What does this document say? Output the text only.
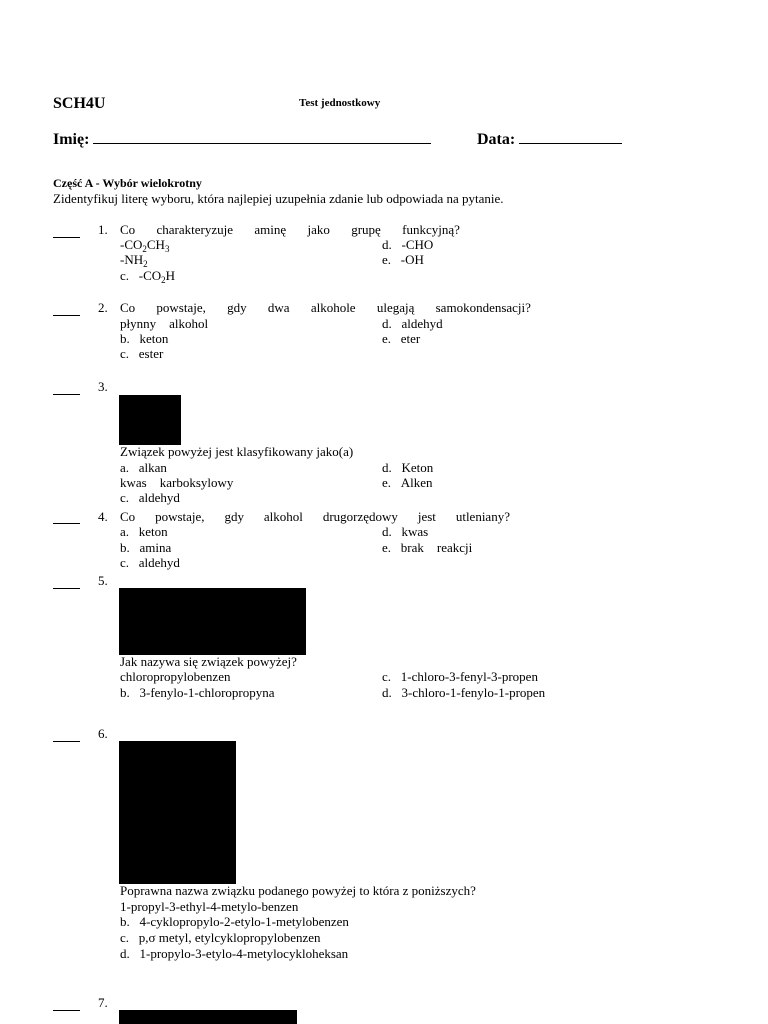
SCH4U	Test jednostkowy
Imię:	Data:
Część A - Wybór wielokrotny
Zidentyfikuj literę wyboru, która najlepiej uzupełnia zdanie lub odpowiada na pytanie.
1. Co charakteryzuje aminę jako grupę funkcyjną?
$-CO_2CH_3$
$-NH_2$
c. $-CO_2H$
d. -CHO
e. -OH
2. Co powstaje, gdy dwa alkohole ulegają samokondensacji?
płynny    alkohol
b. keton
c. ester
d. aldehyd
e. eter
3.
Związek powyżej jest klasyfikowany jako(a)
a. alkan
kwas    karboksylowy
c. aldehyd
d. Keton
e. Alken
4. Co powstaje, gdy alkohol drugorzędowy jest utleniany?
a. keton
b. amina
c. aldehyd
d. kwas
e. brak    reakcji
5.
Jak nazywa się związek powyżej?
chloropropylobenzen
b. 3-fenylo-1-chloropropyna
c. 1-chloro-3-fenyl-3-propen
d. 3-chloro-1-fenylo-1-propen
6.
Poprawna nazwa związku podanego powyżej to która z poniższych?
1-propyl-3-ethyl-4-metylo-benzen
b. 4-cyklopropylo-2-etylo-1-metylobenzen
c. p,σ metyl, etylcyklopropylobenzen
d. 1-propylo-3-etylo-4-metylocykloheksan
7.
